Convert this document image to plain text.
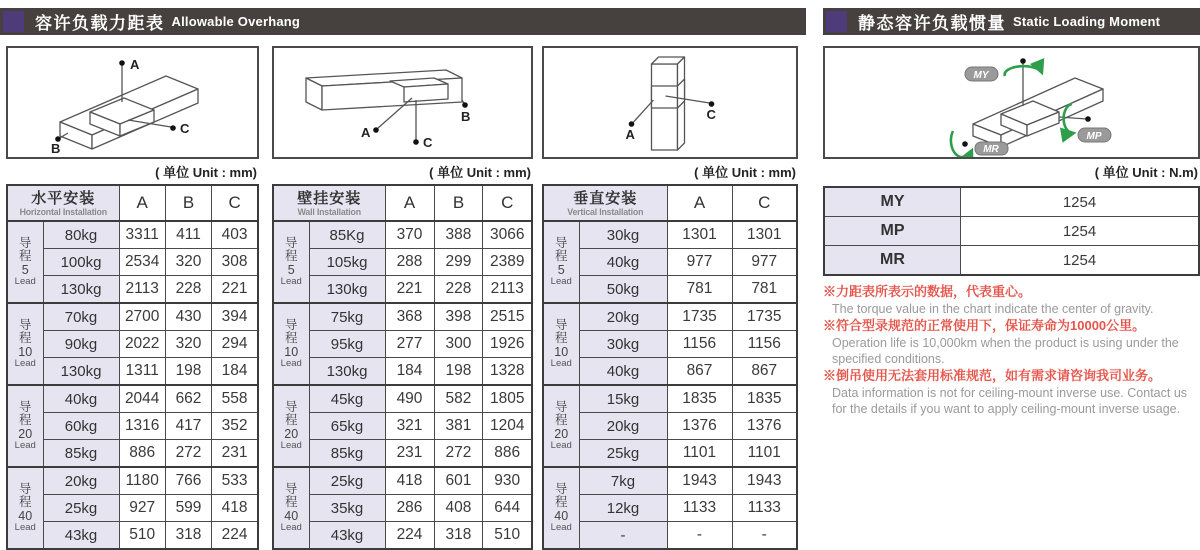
容许负载力距表 Allowable Overhang	静态容许负载惯量 Static Loading Moment
A
C
B
( 单位 Unit : mm)
水平安装
Horizontal Installation		A	B	C

导
程
5
Lead	80kg	3311	411	403
	100kg	2534	320	308
	130kg	2113	228	221

导
程
10
Lead	70kg	2700	430	394
	90kg	2022	320	294
	130kg	1311	198	184

导
程
20
Lead	40kg	2044	662	558
	60kg	1316	417	352
	85kg	886	272	231

导
程
40
Lead	20kg	1180	766	533
	25kg	927	599	418
	43kg	510	318	224
B
A
C
( 单位 Unit : mm)
壁挂安装
Wall Installation		A	B	C

导
程
5
Lead	85Kg	370	388	3066
	105kg	288	299	2389
	130kg	221	228	2113

导
程
10
Lead	75kg	368	398	2515
	95kg	277	300	1926
	130kg	184	198	1328

导
程
20
Lead	45kg	490	582	1805
	65kg	321	381	1204
	85kg	231	272	886

导
程
40
Lead	25kg	418	601	930
	35kg	286	408	644
	43kg	224	318	510
A
C
( 单位 Unit : mm)
垂直安装
Vertical Installation		A	C

导
程
5
Lead	30kg	1301	1301
	40kg	977	977
	50kg	781	781

导
程
10
Lead	20kg	1735	1735
	30kg	1156	1156
	40kg	867	867

导
程
20
Lead	15kg	1835	1835
	20kg	1376	1376
	25kg	1101	1101

导
程
40
Lead	7kg	1943	1943
	12kg	1133	1133
	-	-	-
MY
MP
MR
( 单位 Unit : N.m)
MY	1254
MP	1254
MR	1254
※力距表所表示的数据，代表重心。
The torque value in the chart indicate the center of gravity.
※符合型录规范的正常使用下，保证寿命为10000公里。
Operation life is 10,000km when the product is using under the specified conditions.
※倒吊使用无法套用标准规范，如有需求请咨询我司业务。
Data information is not for ceiling-mount inverse use. Contact us for the details if you want to apply ceiling-mount inverse usage.
